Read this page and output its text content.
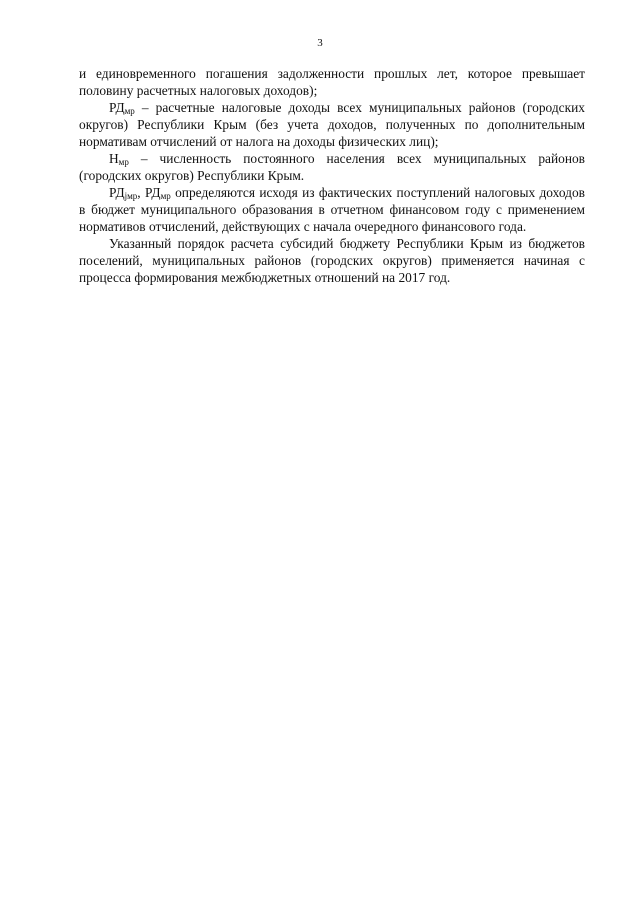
3

и единовременного погашения задолженности прошлых лет, которое превышает половину расчетных налоговых доходов);

$РД_{мр}$ – расчетные налоговые доходы всех муниципальных районов (городских округов) Республики Крым (без учета доходов, полученных по дополнительным нормативам отчислений от налога на доходы физических лиц);

$Н_{мр}$ – численность постоянного населения всех муниципальных районов (городских округов) Республики Крым.

$РД_{jмр}$, $РД_{мр}$ определяются исходя из фактических поступлений налоговых доходов в бюджет муниципального образования в отчетном финансовом году с применением нормативов отчислений, действующих с начала очередного финансового года.

Указанный порядок расчета субсидий бюджету Республики Крым из бюджетов поселений, муниципальных районов (городских округов) применяется начиная с процесса формирования межбюджетных отношений на 2017 год.
